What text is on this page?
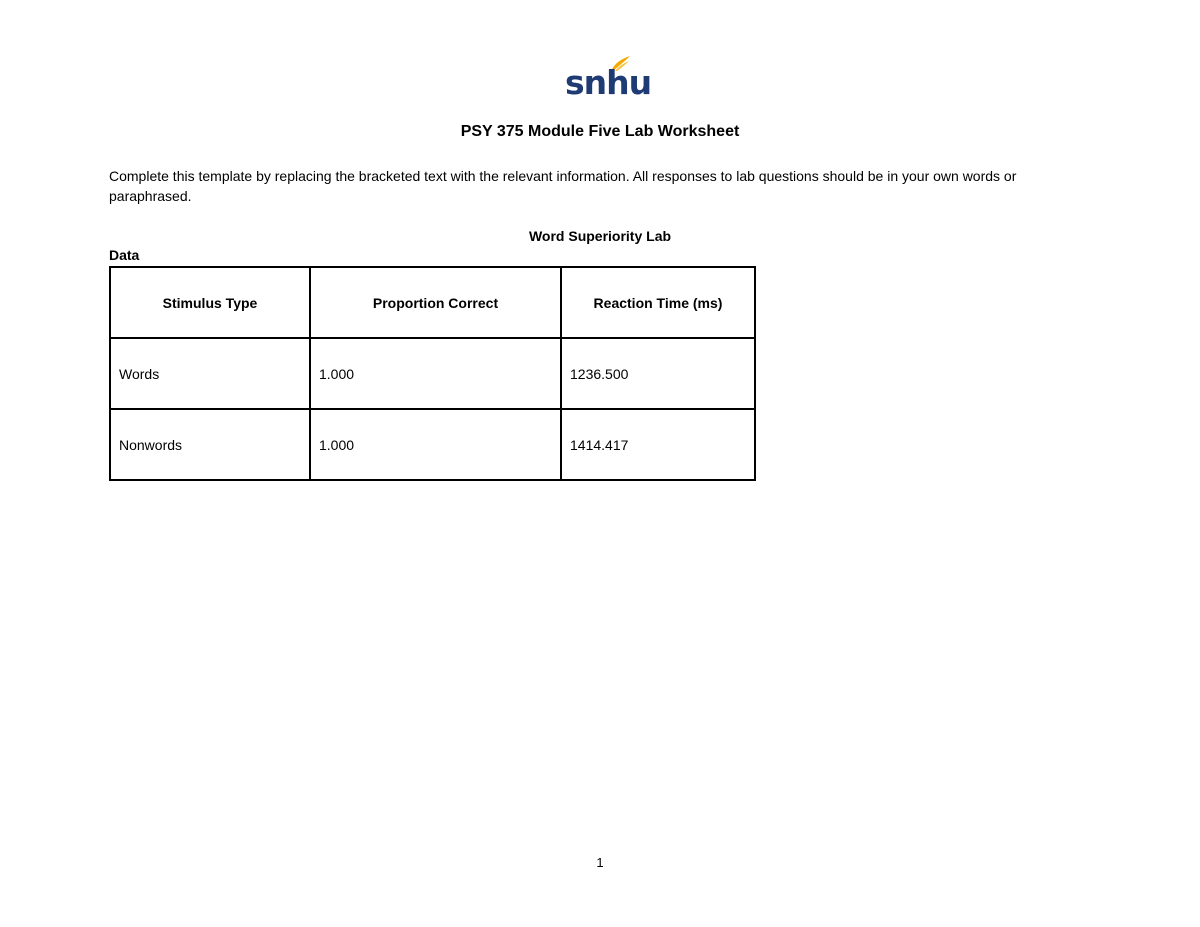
snhu
PSY 375 Module Five Lab Worksheet
Complete this template by replacing the bracketed text with the relevant information. All responses to lab questions should be in your own words or paraphrased.
Word Superiority Lab
Data
Stimulus Type	Proportion Correct	Reaction Time (ms)
Words	1.000	1236.500
Nonwords	1.000	1414.417
1
